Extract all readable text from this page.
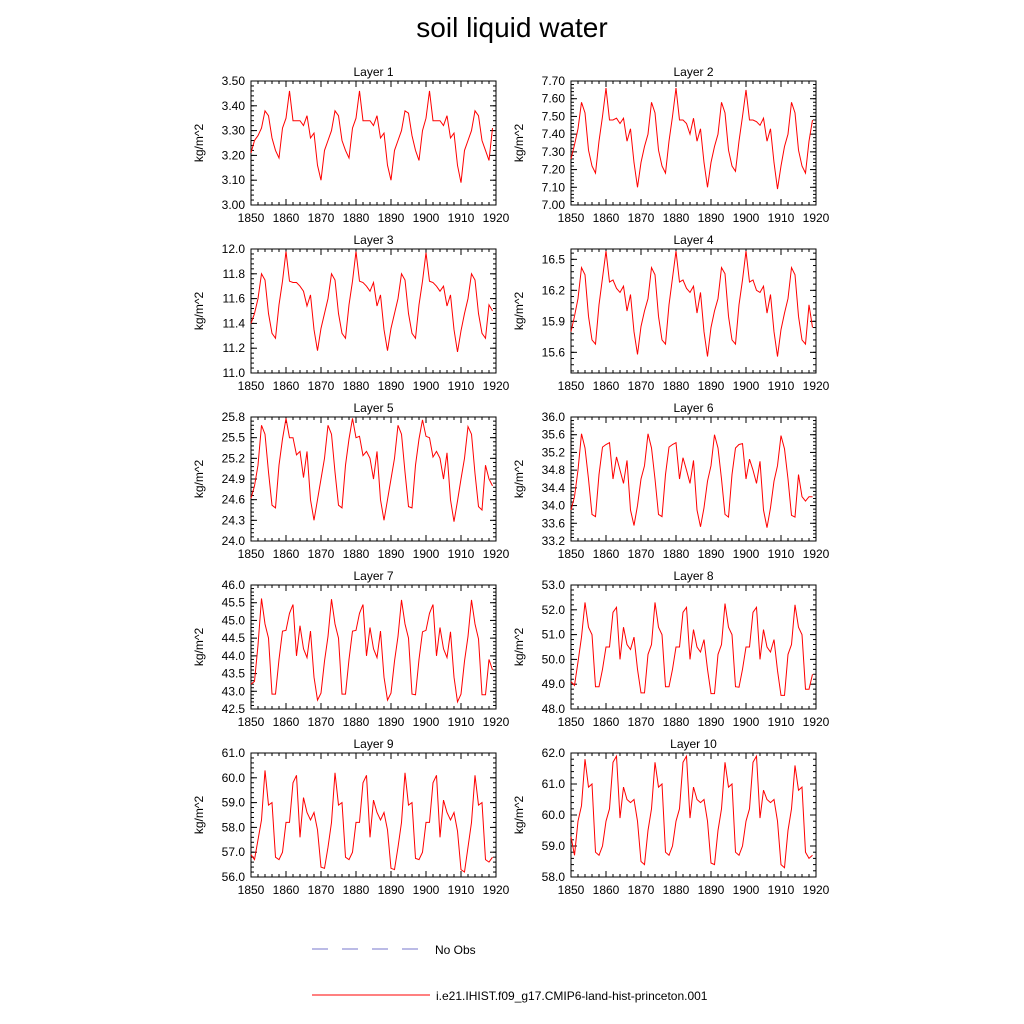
soil liquid water
Layer 1
1850 1860 1870 1880 1890 1900 1910 1920
3.00
3.10
3.20
3.30
3.40
3.50
kg/m^2
Layer 2
1850 1860 1870 1880 1890 1900 1910 1920
7.00
7.10
7.20
7.30
7.40
7.50
7.60
7.70
kg/m^2
Layer 3
1850 1860 1870 1880 1890 1900 1910 1920
11.0
11.2
11.4
11.6
11.8
12.0
kg/m^2
Layer 4
1850 1860 1870 1880 1890 1900 1910 1920
15.6
15.9
16.2
16.5
kg/m^2
Layer 5
1850 1860 1870 1880 1890 1900 1910 1920
24.0
24.3
24.6
24.9
25.2
25.5
25.8
kg/m^2
Layer 6
1850 1860 1870 1880 1890 1900 1910 1920
33.2
33.6
34.0
34.4
34.8
35.2
35.6
36.0
kg/m^2
Layer 7
1850 1860 1870 1880 1890 1900 1910 1920
42.5
43.0
43.5
44.0
44.5
45.0
45.5
46.0
kg/m^2
Layer 8
1850 1860 1870 1880 1890 1900 1910 1920
48.0
49.0
50.0
51.0
52.0
53.0
kg/m^2
Layer 9
1850 1860 1870 1880 1890 1900 1910 1920
56.0
57.0
58.0
59.0
60.0
61.0
kg/m^2
Layer 10
1850 1860 1870 1880 1890 1900 1910 1920
58.0
59.0
60.0
61.0
62.0
kg/m^2
No Obs
i.e21.IHIST.f09_g17.CMIP6-land-hist-princeton.001
